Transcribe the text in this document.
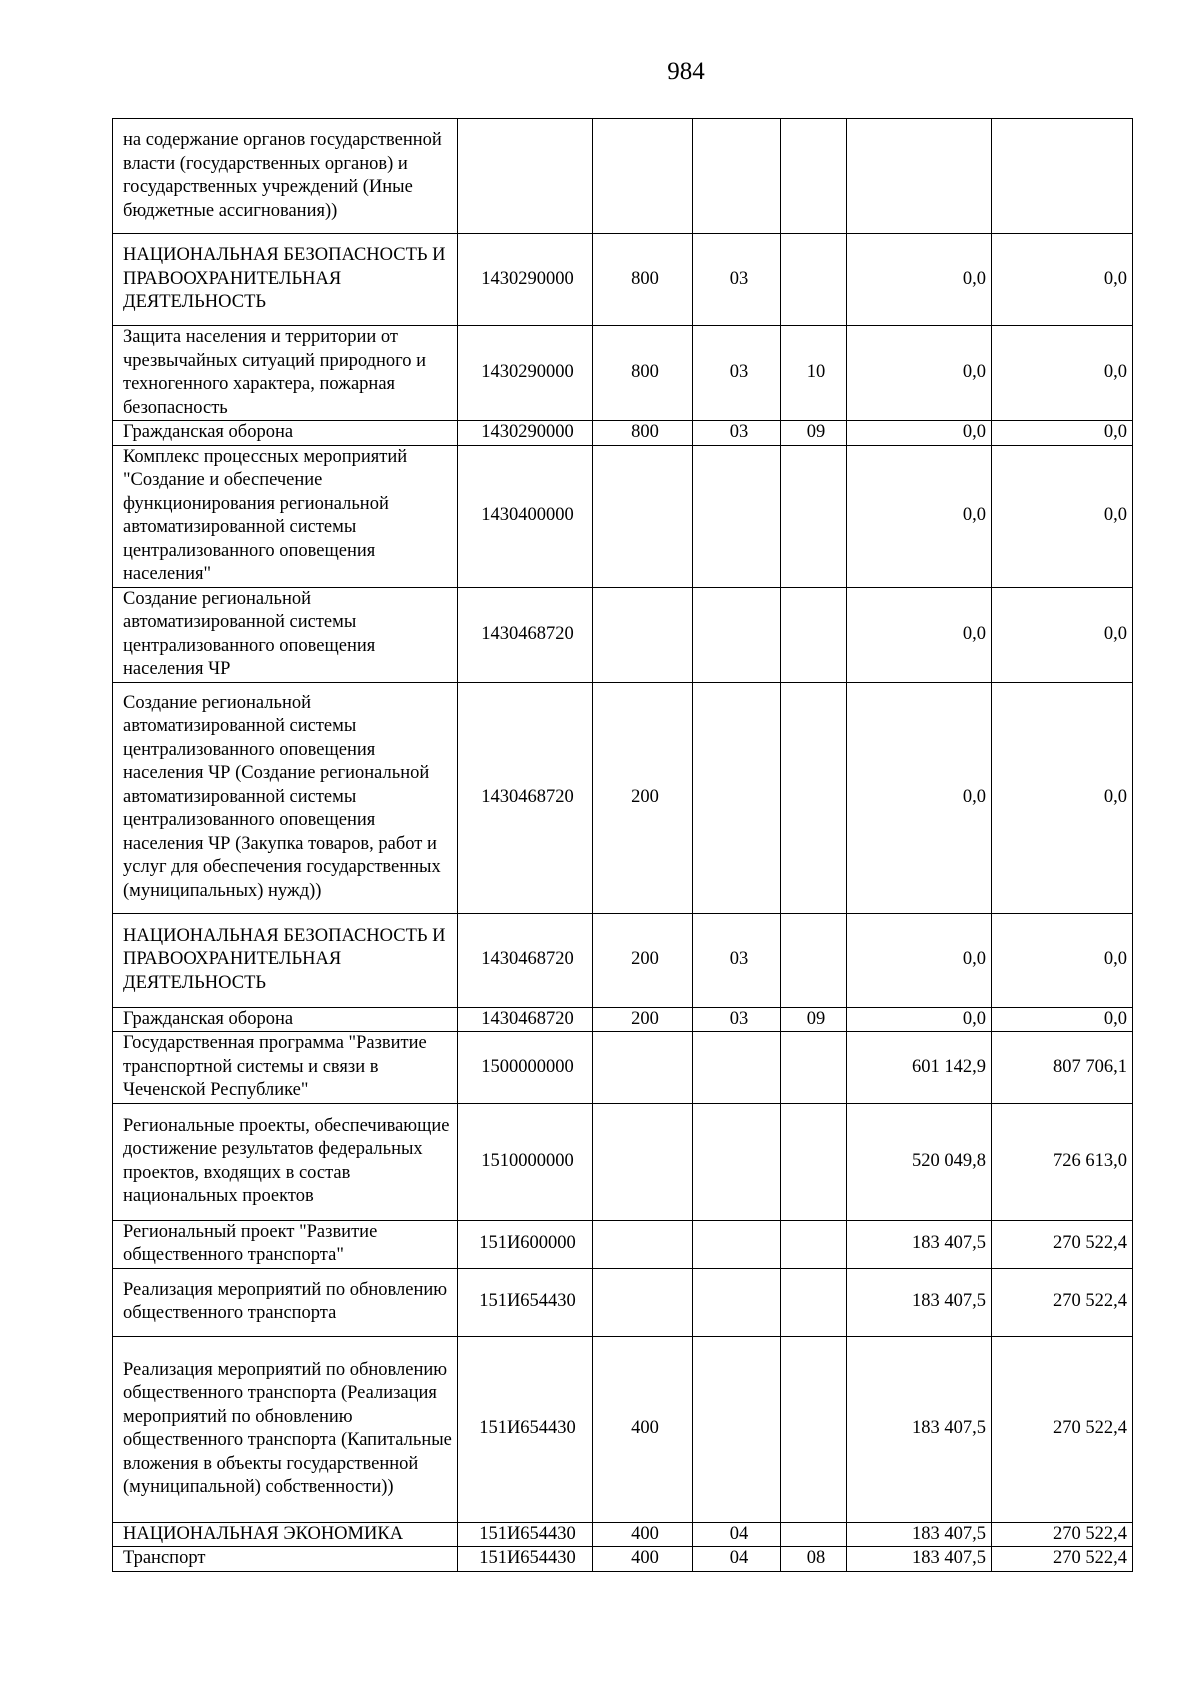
984
на содержание органов государственной власти (государственных органов) и государственных учреждений (Иные бюджетные ассигнования))						
НАЦИОНАЛЬНАЯ БЕЗОПАСНОСТЬ И ПРАВООХРАНИТЕЛЬНАЯ ДЕЯТЕЛЬНОСТЬ	1430290000	800	03		0,0	0,0
Защита населения и территории от чрезвычайных ситуаций природного и техногенного характера, пожарная безопасность	1430290000	800	03	10	0,0	0,0
Гражданская оборона	1430290000	800	03	09	0,0	0,0
Комплекс процессных мероприятий "Создание и обеспечение функционирования региональной автоматизированной системы централизованного оповещения населения"	1430400000				0,0	0,0
Создание региональной автоматизированной системы централизованного оповещения населения ЧР	1430468720				0,0	0,0
Создание региональной автоматизированной системы централизованного оповещения населения ЧР (Создание региональной автоматизированной системы централизованного оповещения населения ЧР (Закупка товаров, работ и услуг для обеспечения государственных (муниципальных) нужд))	1430468720	200			0,0	0,0
НАЦИОНАЛЬНАЯ БЕЗОПАСНОСТЬ И ПРАВООХРАНИТЕЛЬНАЯ ДЕЯТЕЛЬНОСТЬ	1430468720	200	03		0,0	0,0
Гражданская оборона	1430468720	200	03	09	0,0	0,0
Государственная программа "Развитие транспортной системы и связи в Чеченской Республике"	1500000000				601 142,9	807 706,1
Региональные проекты, обеспечивающие достижение результатов федеральных проектов, входящих в состав национальных проектов	1510000000				520 049,8	726 613,0
Региональный проект "Развитие общественного транспорта"	151И600000				183 407,5	270 522,4
Реализация мероприятий по обновлению общественного транспорта	151И654430				183 407,5	270 522,4
Реализация мероприятий по обновлению общественного транспорта (Реализация мероприятий по обновлению общественного транспорта (Капитальные вложения в объекты государственной (муниципальной) собственности))	151И654430	400			183 407,5	270 522,4
НАЦИОНАЛЬНАЯ ЭКОНОМИКА	151И654430	400	04		183 407,5	270 522,4
Транспорт	151И654430	400	04	08	183 407,5	270 522,4
